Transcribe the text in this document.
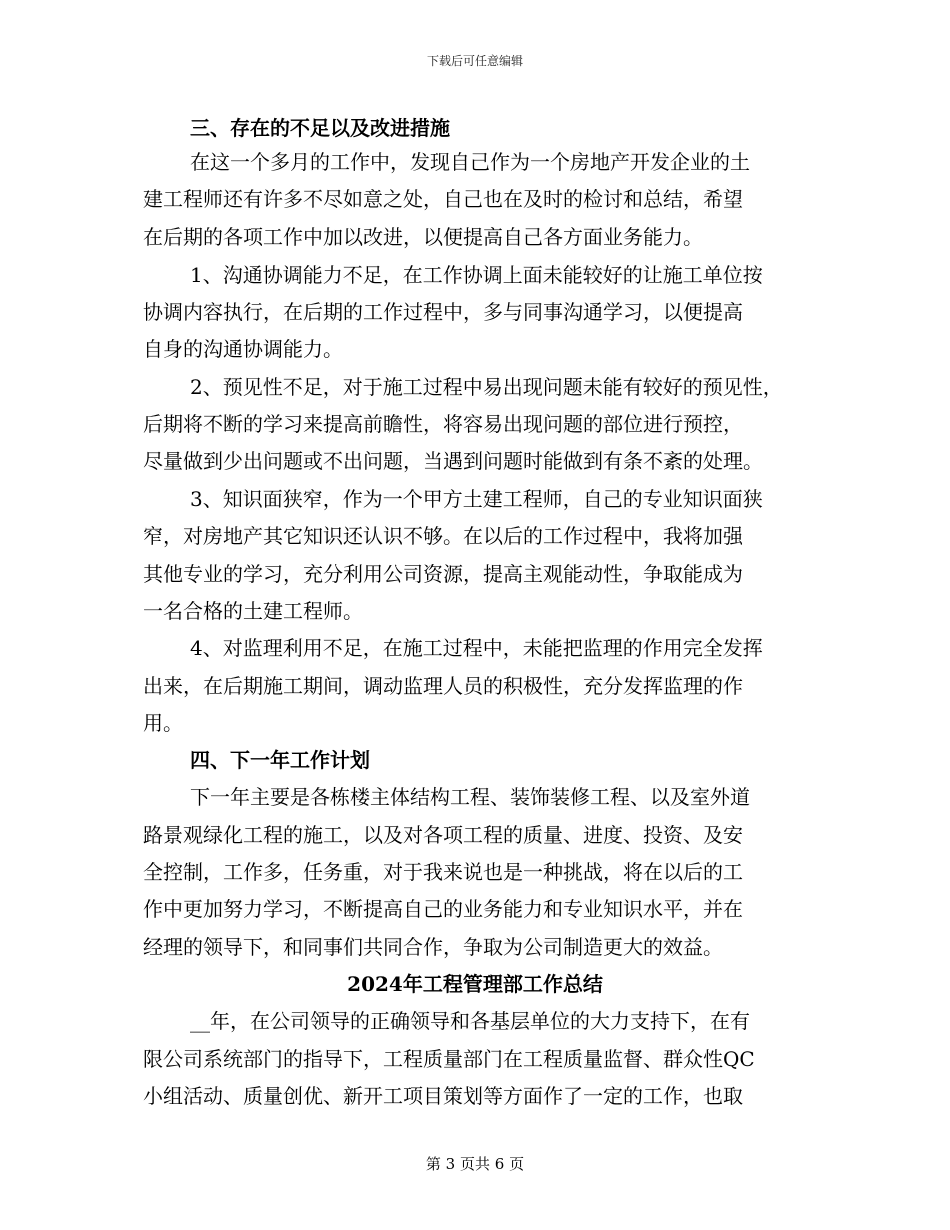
下载后可任意编辑
三、存在的不足以及改进措施
在这一个多月的工作中，发现自己作为一个房地产开发企业的土
建工程师还有许多不尽如意之处，自己也在及时的检讨和总结，希望
在后期的各项工作中加以改进，以便提高自己各方面业务能力。
1、沟通协调能力不足，在工作协调上面未能较好的让施工单位按
协调内容执行，在后期的工作过程中，多与同事沟通学习，以便提高
自身的沟通协调能力。
2、预见性不足，对于施工过程中易出现问题未能有较好的预见性，
后期将不断的学习来提高前瞻性，将容易出现问题的部位进行预控，
尽量做到少出问题或不出问题，当遇到问题时能做到有条不紊的处理。
3、知识面狭窄，作为一个甲方土建工程师，自己的专业知识面狭
窄，对房地产其它知识还认识不够。在以后的工作过程中，我将加强
其他专业的学习，充分利用公司资源，提高主观能动性，争取能成为
一名合格的土建工程师。
4、对监理利用不足，在施工过程中，未能把监理的作用完全发挥
出来，在后期施工期间，调动监理人员的积极性，充分发挥监理的作
用。
四、下一年工作计划
下一年主要是各栋楼主体结构工程、装饰装修工程、以及室外道
路景观绿化工程的施工，以及对各项工程的质量、进度、投资、及安
全控制，工作多，任务重，对于我来说也是一种挑战，将在以后的工
作中更加努力学习，不断提高自己的业务能力和专业知识水平，并在
经理的领导下，和同事们共同合作，争取为公司制造更大的效益。
2024年工程管理部工作总结
__年，在公司领导的正确领导和各基层单位的大力支持下，在有
限公司系统部门的指导下，工程质量部门在工程质量监督、群众性QC
小组活动、质量创优、新开工项目策划等方面作了一定的工作，也取
第 3 页共 6 页
